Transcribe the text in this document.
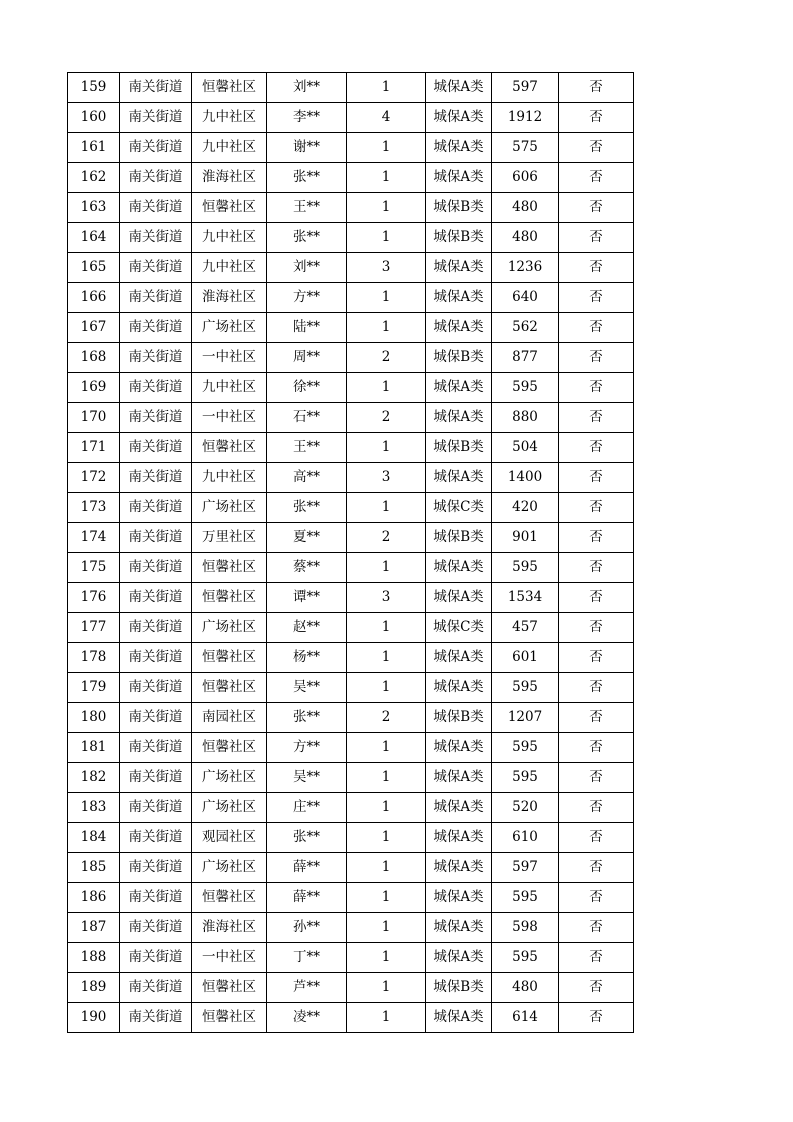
159	南关街道	恒馨社区	刘**	1	城保A类	597	否
160	南关街道	九中社区	李**	4	城保A类	1912	否
161	南关街道	九中社区	谢**	1	城保A类	575	否
162	南关街道	淮海社区	张**	1	城保A类	606	否
163	南关街道	恒馨社区	王**	1	城保B类	480	否
164	南关街道	九中社区	张**	1	城保B类	480	否
165	南关街道	九中社区	刘**	3	城保A类	1236	否
166	南关街道	淮海社区	方**	1	城保A类	640	否
167	南关街道	广场社区	陆**	1	城保A类	562	否
168	南关街道	一中社区	周**	2	城保B类	877	否
169	南关街道	九中社区	徐**	1	城保A类	595	否
170	南关街道	一中社区	石**	2	城保A类	880	否
171	南关街道	恒馨社区	王**	1	城保B类	504	否
172	南关街道	九中社区	高**	3	城保A类	1400	否
173	南关街道	广场社区	张**	1	城保C类	420	否
174	南关街道	万里社区	夏**	2	城保B类	901	否
175	南关街道	恒馨社区	蔡**	1	城保A类	595	否
176	南关街道	恒馨社区	谭**	3	城保A类	1534	否
177	南关街道	广场社区	赵**	1	城保C类	457	否
178	南关街道	恒馨社区	杨**	1	城保A类	601	否
179	南关街道	恒馨社区	吴**	1	城保A类	595	否
180	南关街道	南园社区	张**	2	城保B类	1207	否
181	南关街道	恒馨社区	方**	1	城保A类	595	否
182	南关街道	广场社区	吴**	1	城保A类	595	否
183	南关街道	广场社区	庄**	1	城保A类	520	否
184	南关街道	观园社区	张**	1	城保A类	610	否
185	南关街道	广场社区	薛**	1	城保A类	597	否
186	南关街道	恒馨社区	薛**	1	城保A类	595	否
187	南关街道	淮海社区	孙**	1	城保A类	598	否
188	南关街道	一中社区	丁**	1	城保A类	595	否
189	南关街道	恒馨社区	芦**	1	城保B类	480	否
190	南关街道	恒馨社区	凌**	1	城保A类	614	否
